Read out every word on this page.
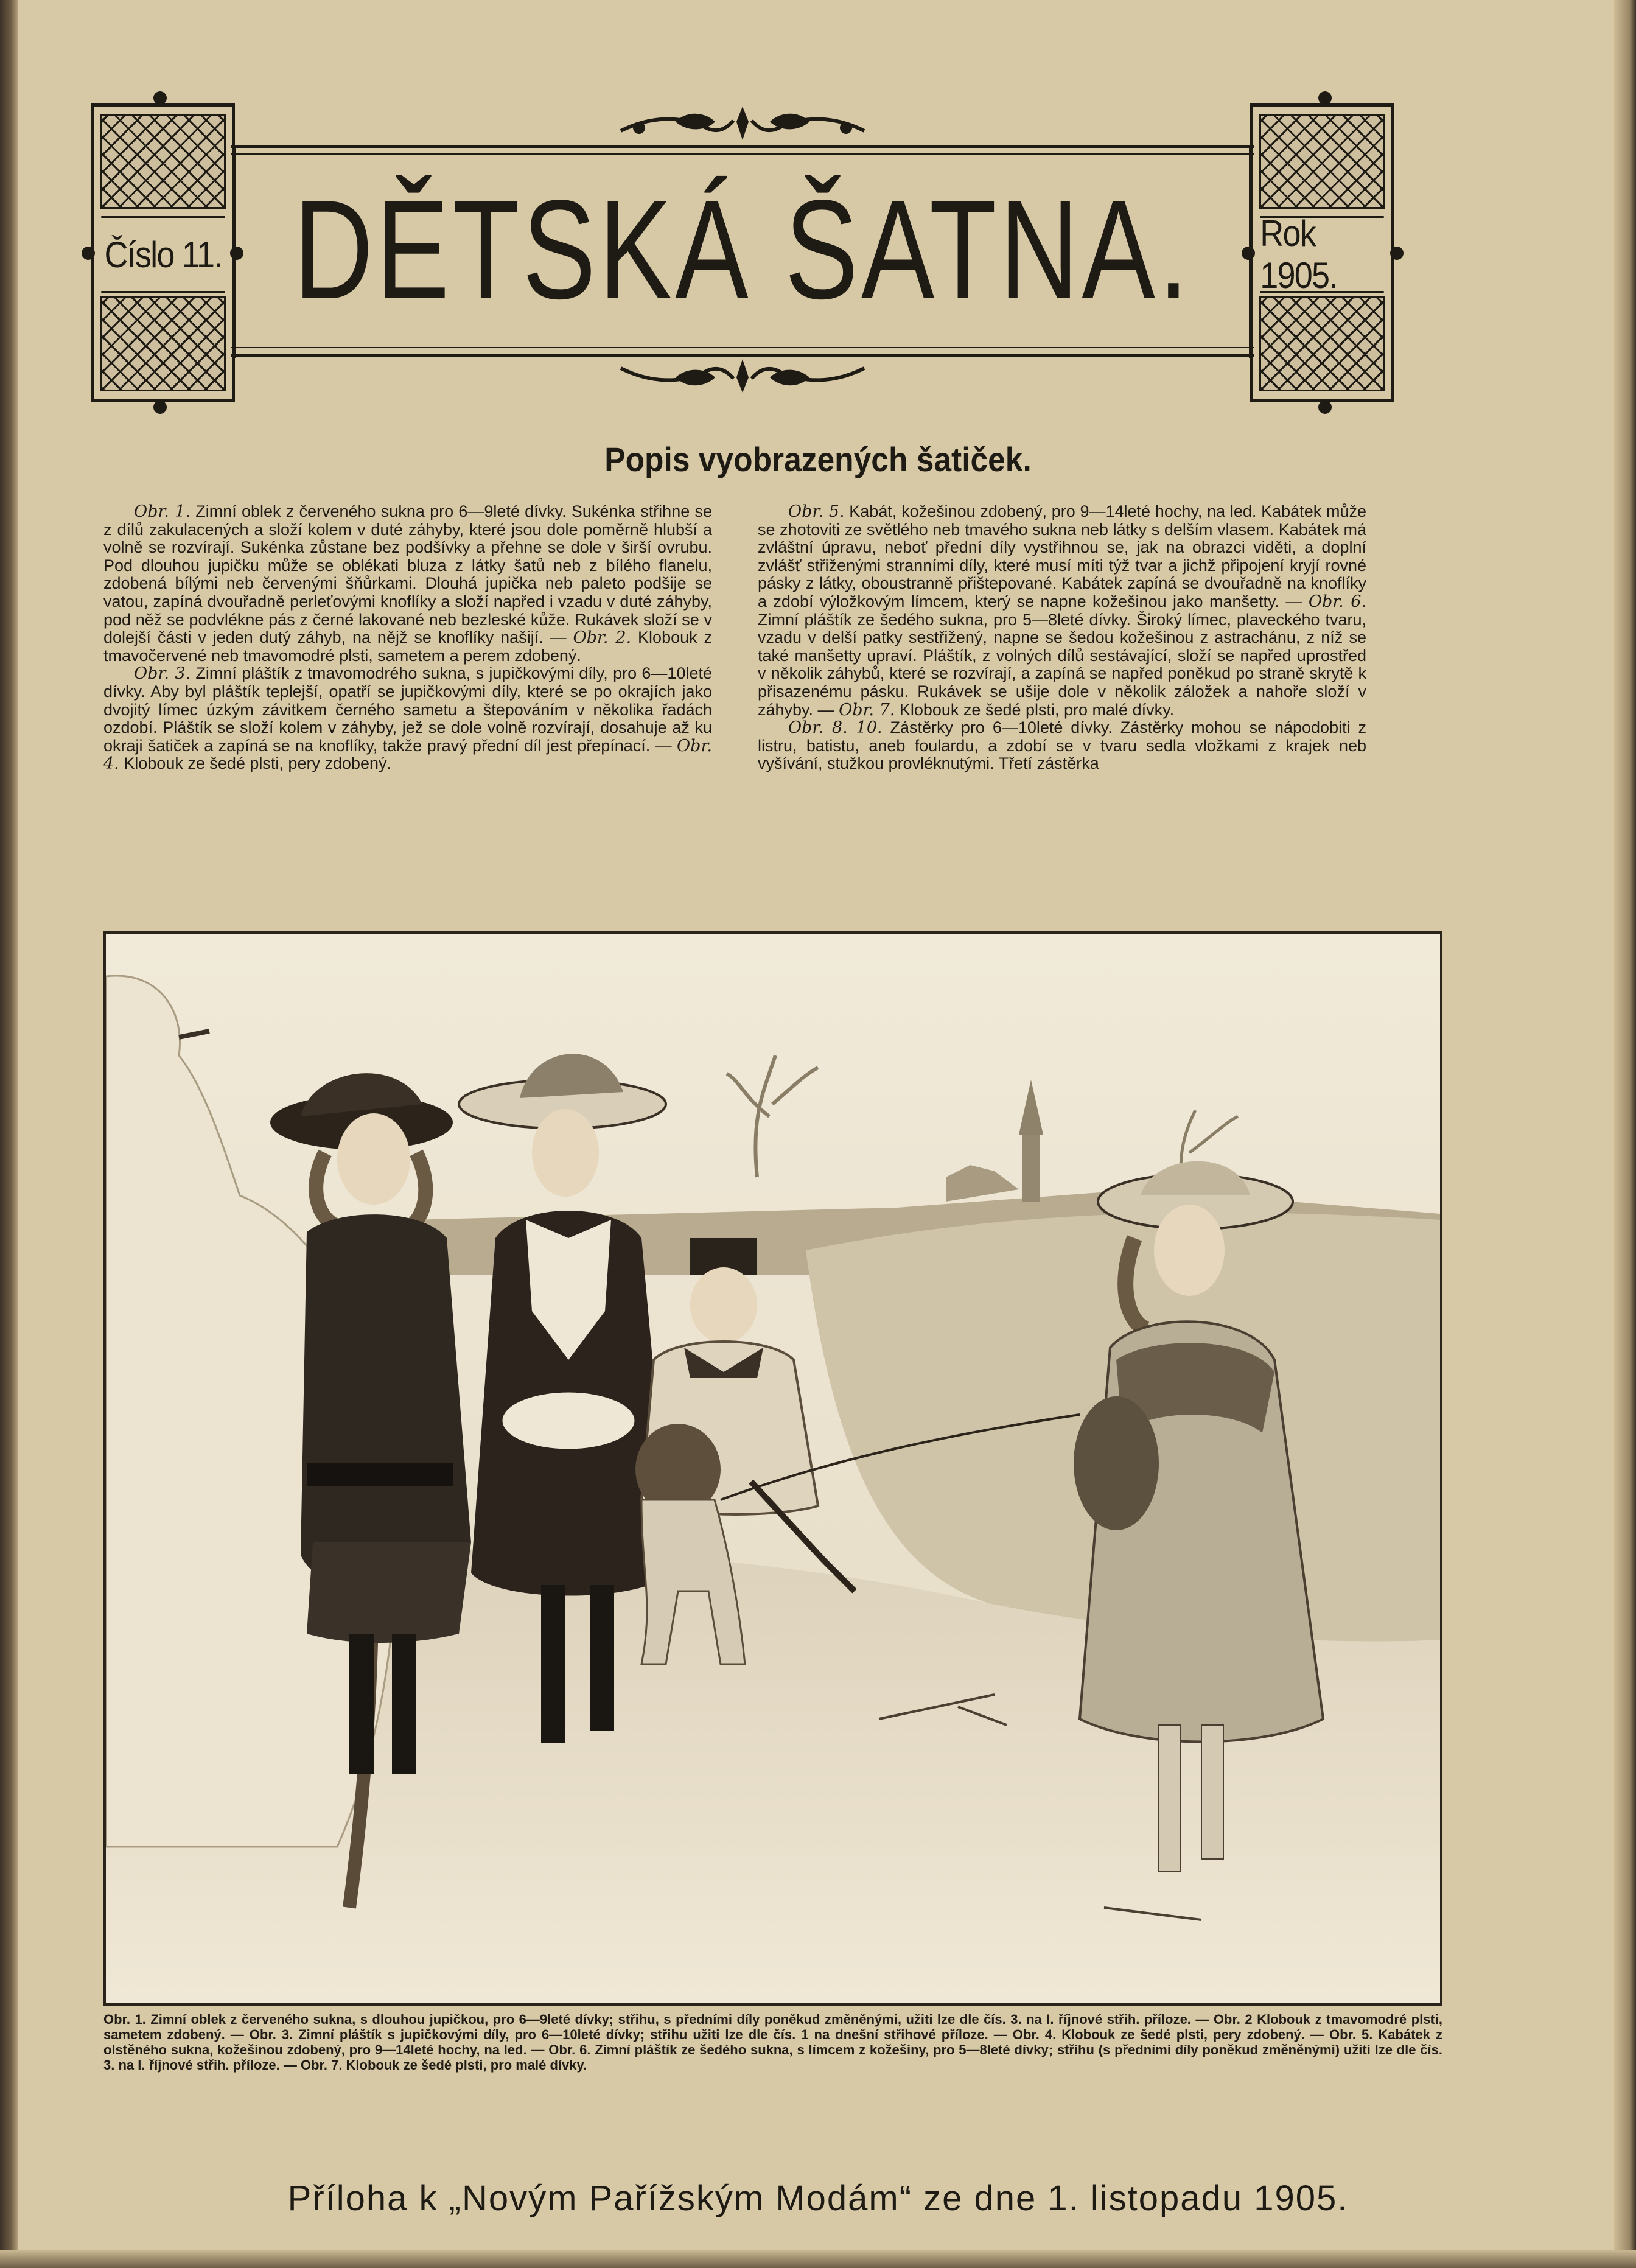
Číslo 11.
Rok 1905.
DĚTSKÁ ŠATNA.
Popis vyobrazených šatiček.

Obr. 1. Zimní oblek z červeného sukna pro 6—9leté dívky. Sukénka střihne se z dílů zakulacených a složí kolem v duté záhyby, které jsou dole poměrně hlubší a volně se rozvírají. Sukénka zůstane bez podšívky a přehne se dole v širší ovrubu. Pod dlouhou jupičku může se oblékati bluza z látky šatů neb z bílého flanelu, zdobená bílými neb červenými šňůrkami. Dlouhá jupička neb paleto podšije se vatou, zapíná dvouřadně perleťovými knoflíky a složí napřed i vzadu v duté záhyby, pod něž se podvlékne pás z černé lakované neb bezleské kůže. Rukávek složí se v dolejší části v jeden dutý záhyb, na nějž se knoflíky našijí. — Obr. 2. Klobouk z tmavočervené neb tmavomodré plsti, sametem a perem zdobený.

Obr. 3. Zimní pláštík z tmavomodrého sukna, s jupičkovými díly, pro 6—10leté dívky. Aby byl pláštík teplejší, opatří se jupičkovými díly, které se po okrajích jako dvojitý límec úzkým závitkem černého sametu a štepováním v několika řadách ozdobí. Pláštík se složí kolem v záhyby, jež se dole volně rozvírají, dosahuje až ku okraji šatiček a zapíná se na knoflíky, takže pravý přední díl jest přepínací. — Obr. 4. Klobouk ze šedé plsti, pery zdobený.

Obr. 5. Kabát, kožešinou zdobený, pro 9—14leté hochy, na led. Kabátek může se zhotoviti ze světlého neb tmavého sukna neb látky s delším vlasem. Kabátek má zvláštní úpravu, neboť přední díly vystřihnou se, jak na obrazci viděti, a doplní zvlášť střiženými stranními díly, které musí míti týž tvar a jichž připojení kryjí rovné pásky z látky, oboustranně přištepované. Kabátek zapíná se dvouřadně na knoflíky a zdobí výložkovým límcem, který se napne kožešinou jako manšetty. — Obr. 6. Zimní pláštík ze šedého sukna, pro 5—8leté dívky. Široký límec, plaveckého tvaru, vzadu v delší patky sestřižený, napne se šedou kožešinou z astrachánu, z níž se také manšetty upraví. Pláštík, z volných dílů sestávající, složí se napřed uprostřed v několik záhybů, které se rozvírají, a zapíná se napřed poněkud po straně skrytě k přisazenému pásku. Rukávek se ušije dole v několik záložek a nahoře složí v záhyby. — Obr. 7. Klobouk ze šedé plsti, pro malé dívky.

Obr. 8. 10. Zástěrky pro 6—10leté dívky. Zástěrky mohou se nápodobiti z listru, batistu, aneb foulardu, a zdobí se v tvaru sedla vložkami z krajek neb vyšívání, stužkou provléknutými. Třetí zástěrka

Obr. 1. Zimní oblek z červeného sukna, s dlouhou jupičkou, pro 6—9leté dívky; střihu, s předními díly poněkud změněnými, užiti lze dle čís. 3. na I. říjnové střih. příloze. — Obr. 2 Klobouk z tmavomodré plsti, sametem zdobený. — Obr. 3. Zimní pláštík s jupičkovými díly, pro 6—10leté dívky; střihu užiti lze dle čís. 1 na dnešní střihové příloze. — Obr. 4. Klobouk ze šedé plsti, pery zdobený. — Obr. 5. Kabátek z olstěného sukna, kožešinou zdobený, pro 9—14leté hochy, na led. — Obr. 6. Zimní pláštík ze šedého sukna, s límcem z kožešiny, pro 5—8leté dívky; střihu (s předními díly poněkud změněnými) užiti lze dle čís. 3. na I. říjnové střih. příloze. — Obr. 7. Klobouk ze šedé plsti, pro malé dívky.
Příloha k „Novým Pařížským Modám“ ze dne 1. listopadu 1905.
